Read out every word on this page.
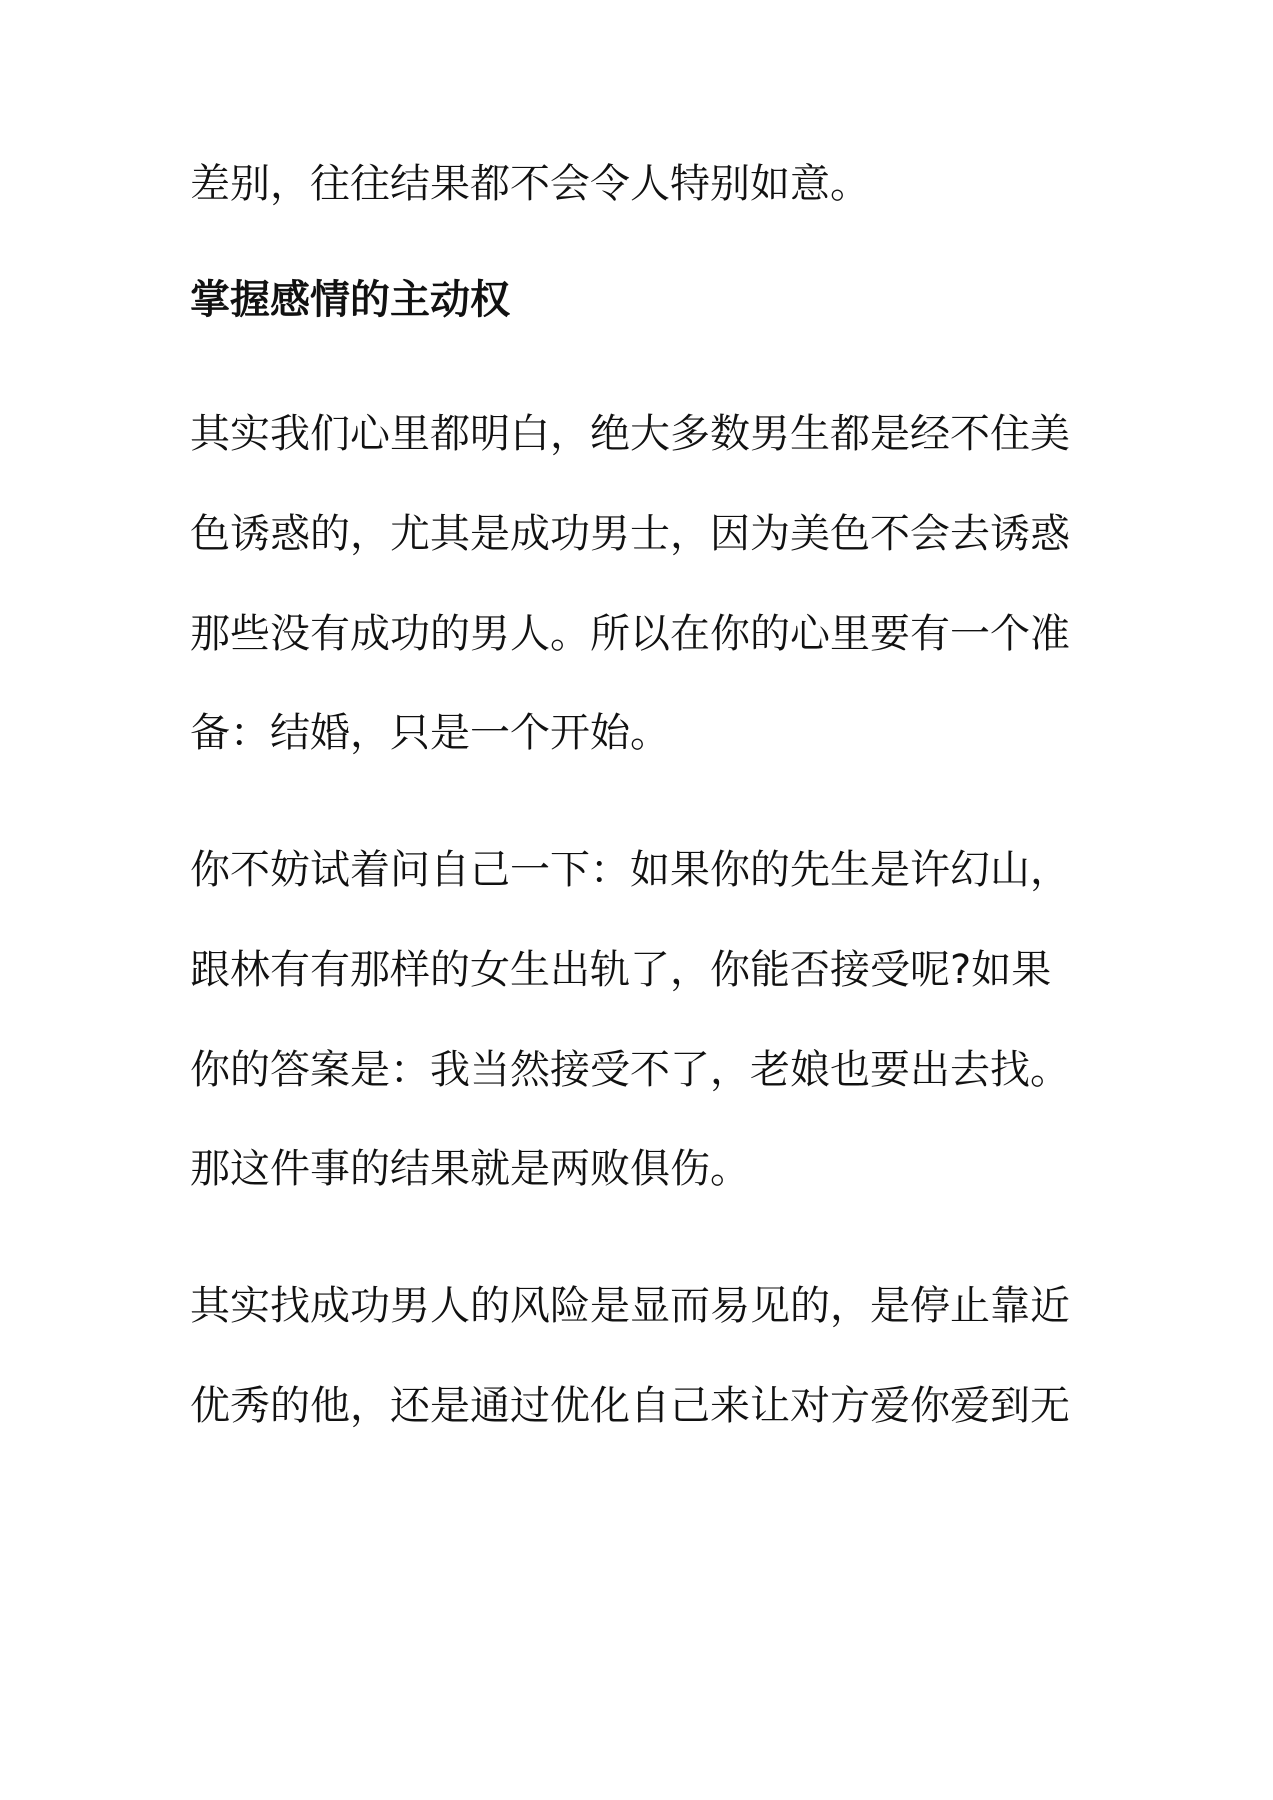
差别，往往结果都不会令人特别如意。
掌握感情的主动权
其实我们心里都明白，绝大多数男生都是经不住美
色诱惑的，尤其是成功男士，因为美色不会去诱惑
那些没有成功的男人。所以在你的心里要有一个准
备：结婚，只是一个开始。
你不妨试着问自己一下：如果你的先生是许幻山，
跟林有有那样的女生出轨了，你能否接受呢?如果
你的答案是：我当然接受不了，老娘也要出去找。
那这件事的结果就是两败俱伤。
其实找成功男人的风险是显而易见的，是停止靠近
优秀的他，还是通过优化自己来让对方爱你爱到无
